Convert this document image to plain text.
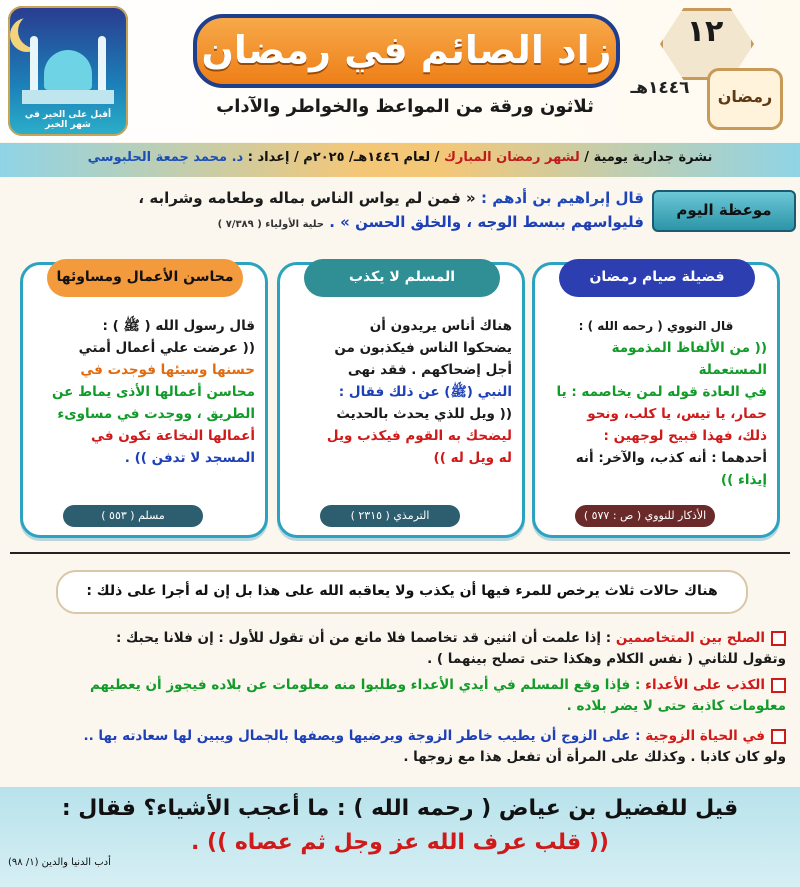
أقبل على الخير في شهر الخير
زاد الصائم في رمضان
ثلاثون ورقة من المواعظ والخواطر والآداب
١٢
رمضان
١٤٤٦هـ
نشرة جدارية يومية / لشهر رمضان المبارك / لعام ١٤٤٦هـ/ ٢٠٢٥م / إعداد : د. محمد جمعة الحلبوسي
موعظة اليوم
قال إبراهيم بن أدهم : « فمن لم يواس الناس بماله وطعامه وشرابه ،
فليواسهم ببسط الوجه ، والخلق الحسن » . حلية الأولياء ( ٧/٣٨٩ )
فضيلة صيام رمضان
قال النووي ( رحمه الله ) :
(( من الألفاظ المذمومة المستعملة
في العادة قوله لمن يخاصمه : يا
حمار، يا تيس، يا كلب، ونحو
ذلك، فهذا قبيح لوجهين :
أحدهما : أنه كذب، والآخر: أنه
إيذاء ))
الأذكار للنووي ( ص : ٥٧٧ )
المسلم لا يكذب
هناك أناس يريدون أن
يضحكوا الناس فيكذبون من
أجل إضحاكهم . فقد نهى
النبي (ﷺ) عن ذلك فقال :
(( ويل للذي يحدث بالحديث
ليضحك به القوم فيكذب ويل
له ويل له ))
الترمذي ( ٢٣١٥ )
محاسن الأعمال ومساوئها
قال رسول الله ( ﷺ ) :
(( عرضت علي أعمال أمتي
حسنها وسيئها فوجدت في
محاسن أعمالها الأذى يماط عن
الطريق ، ووجدت في مساوىء
أعمالها النخاعة تكون في
المسجد لا تدفن )) .
مسلم ( ٥٥٣ )
هناك حالات ثلاث يرخص للمرء فيها أن يكذب ولا يعاقبه الله على هذا بل إن له أجرا على ذلك :
الصلح بين المتخاصمين : إذا علمت أن اثنين قد تخاصما فلا مانع من أن تقول للأول : إن فلانا يحبك :
وتقول للثاني ( نفس الكلام وهكذا حتى تصلح بينهما ) .
الكذب على الأعداء : فإذا وقع المسلم في أيدي الأعداء وطلبوا منه معلومات عن بلاده فيجوز أن يعطيهم
معلومات كاذبة حتى لا يضر بلاده .
في الحياة الزوجية : على الزوج أن يطيب خاطر الزوجة ويرضيها ويصفها بالجمال ويبين لها سعادته بها ..
ولو كان كاذبا . وكذلك على المرأة أن تفعل هذا مع زوجها .
قيل للفضيل بن عياض ( رحمه الله ) : ما أعجب الأشياء؟ فقال :
(( قلب عرف الله عز وجل ثم عصاه )) .
أدب الدنيا والدين (١/ ٩٨)
